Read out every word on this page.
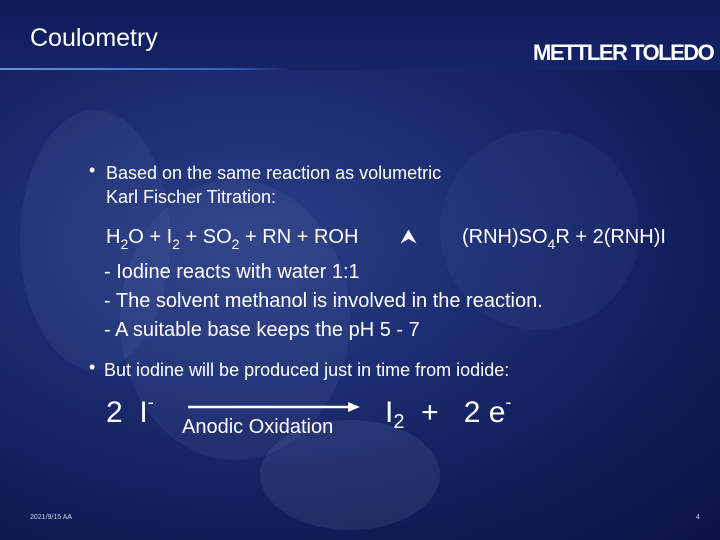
Coulometry
METTLER TOLEDO
• Based on the same reaction as volumetric
Karl Fischer Titration:
$H_2O + I_2 + SO_2$ + RN + ROH ⮝ $(RNH)SO_4R + 2(RNH)I$
- Iodine reacts with water 1:1
- The solvent methanol is involved in the reaction.
- A suitable base keeps the pH 5 - 7
• But iodine will be produced just in time from iodide:
2 I-
Anodic Oxidation $I_2 + 2$ e-
2021/9/15 AA	4
